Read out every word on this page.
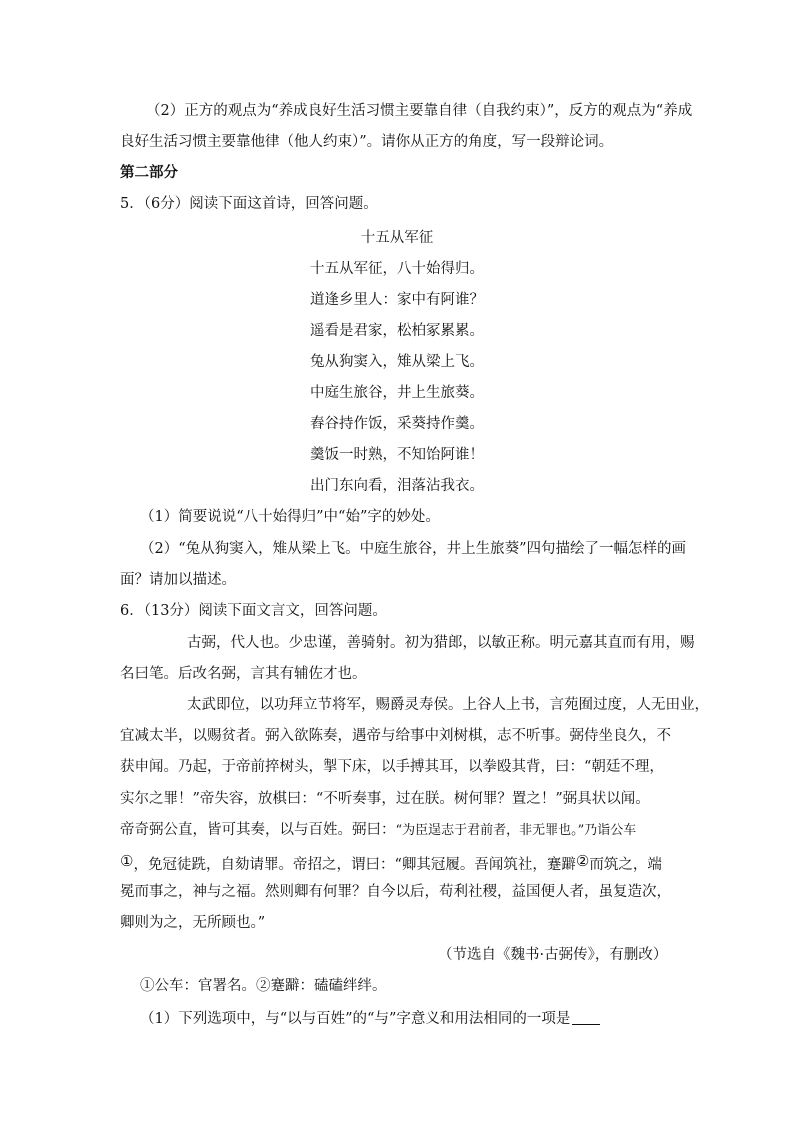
（2）正方的观点为“养成良好生活习惯主要靠自律（自我约束）”，反方的观点为“养成
良好生活习惯主要靠他律（他人约束）”。请你从正方的角度，写一段辩论词。
第二部分
5．（6分）阅读下面这首诗，回答问题。
十五从军征
十五从军征，八十始得归。
道逢乡里人：家中有阿谁？
遥看是君家，松柏冢累累。
兔从狗窦入，雉从梁上飞。
中庭生旅谷，井上生旅葵。
舂谷持作饭，采葵持作羹。
羹饭一时熟，不知饴阿谁！
出门东向看，泪落沾我衣。
（1）简要说说“八十始得归”中“始”字的妙处。
（2）“兔从狗窦入，雉从梁上飞。中庭生旅谷，井上生旅葵”四句描绘了一幅怎样的画
面？请加以描述。
6．（13分）阅读下面文言文，回答问题。
古弼，代人也。少忠谨，善骑射。初为猎郎，以敏正称。明元嘉其直而有用，赐
名曰笔。后改名弼，言其有辅佐才也。
太武即位，以功拜立节将军，赐爵灵寿侯。上谷人上书，言苑囿过度，人无田业，
宜减太半，以赐贫者。弼入欲陈奏，遇帝与给事中刘树棋，志不听事。弼侍坐良久，不
获申闻。乃起，于帝前捽树头，掣下床，以手搏其耳，以拳殴其背，曰：“朝廷不理，
实尔之罪！”帝失容，放棋曰：“不听奏事，过在朕。树何罪？置之！”弼具状以闻。
帝奇弼公直，皆可其奏，以与百姓。弼曰：“为臣逞志于君前者，非无罪也。”乃诣公车
①，免冠徒跣，自劾请罪。帝招之，谓曰：“卿其冠履。吾闻筑社，蹇躃②而筑之，端
冕而事之，神与之福。然则卿有何罪？自今以后，苟利社稷，益国便人者，虽复造次，
卿则为之，无所顾也。”
（节选自《魏书·古弼传》，有删改）
①公车：官署名。②蹇躃：磕磕绊绊。
（1）下列选项中，与“以与百姓”的“与”字意义和用法相同的一项是
